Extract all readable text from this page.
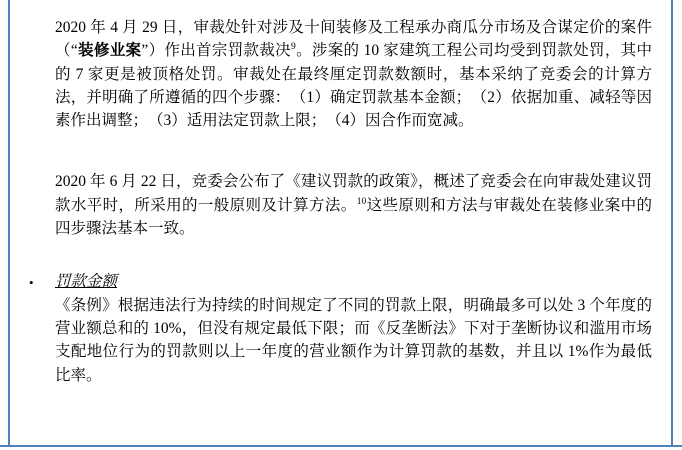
2020 年 4 月 29 日，审裁处针对涉及十间装修及工程承办商瓜分市场及合谋定价的案件（“装修业案”）作出首宗罚款裁决$^9$。涉案的 10 家建筑工程公司均受到罚款处罚，其中的 7 家更是被顶格处罚。审裁处在最终厘定罚款数额时，基本采纳了竞委会的计算方法，并明确了所遵循的四个步骤：　（1）确定罚款基本金额；　（2）依据加重、减轻等因素作出调整；　（3）适用法定罚款上限；　（4）因合作而宽减。

2020 年 6 月 22 日，竞委会公布了《建议罚款的政策》，概述了竞委会在向审裁处建议罚款水平时，所采用的一般原则及计算方法。$^{10}$这些原则和方法与审裁处在装修业案中的四步骤法基本一致。

• 罚款金额

《条例》根据违法行为持续的时间规定了不同的罚款上限，明确最多可以处 3 个年度的营业额总和的 10%，但没有规定最低下限；而《反垄断法》下对于垄断协议和滥用市场支配地位行为的罚款则以上一年度的营业额作为计算罚款的基数，并且以 1%作为最低比率。
